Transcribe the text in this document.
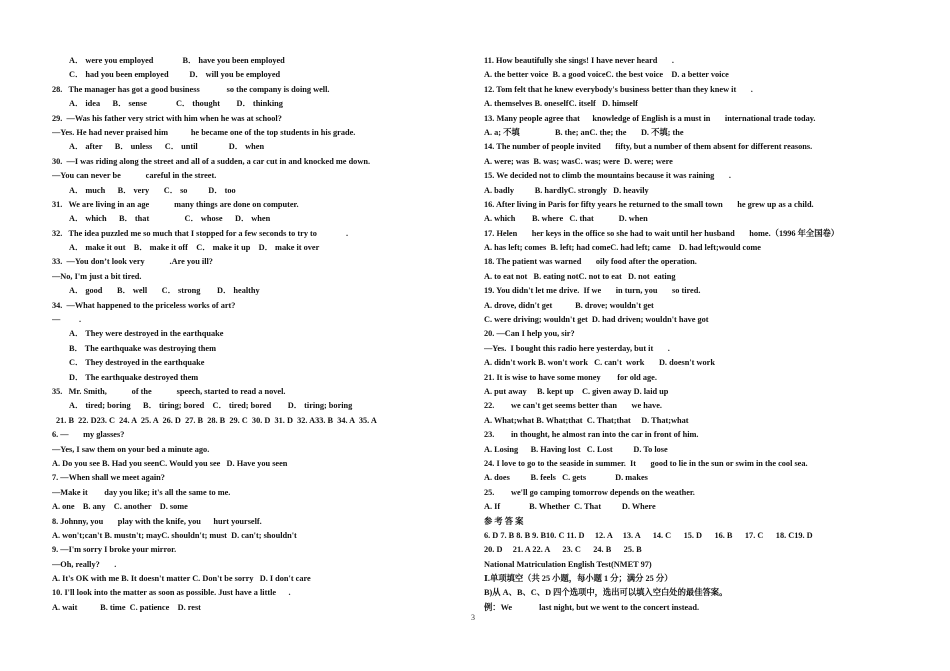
A． were you employed              B． have you been employed
C． had you been employed          D． will you be employed
28.   The manager has got a good business             so the company is doing well.
A． idea      B． sense              C． thought        D． thinking
29.  —Was his father very strict with him when he was at school?
—Yes. He had never praised him           he became one of the top students in his grade.
A． after      B． unless      C． until               D． when
30.  —I was riding along the street and all of a sudden, a car cut in and knocked me down.
—You can never be            careful in the street.
A． much      B． very       C． so          D． too
31.   We are living in an age            many things are done on computer.
A． which      B． that                 C． whose      D． when
32.   The idea puzzled me so much that I stopped for a few seconds to try to              .
A． make it out    B． make it off    C． make it up    D． make it over
33.  —You don’t look very            .Are you ill?
—No, I'm just a bit tired.
A． good       B． well       C． strong        D． healthy
34.  —What happened to the priceless works of art?
—         .
A． They were destroyed in the earthquake
B． The earthquake was destroying them
C． They destroyed in the earthquake
D． The earthquake destroyed them
35.   Mr. Smith,            of the            speech, started to read a novel.
A． tired; boring      B． tiring; bored    C． tired; bored        D． tiring; boring
21. B  22. D23. C  24. A  25. A  26. D  27. B  28. B  29. C  30. D  31. D  32. A33. B  34. A  35. A
6. —       my glasses?
—Yes, I saw them on your bed a minute ago.
A. Do you see B. Had you seenC. Would you see   D. Have you seen
7. —When shall we meet again?
—Make it        day you like; it's all the same to me.
A. one    B. any    C. another    D. some
8. Johnny, you       play with the knife, you      hurt yourself.
A. won't;can't B. mustn't; mayC. shouldn't; must  D. can't; shouldn't
9. —I'm sorry I broke your mirror.
—Oh, really?       .
A. It's OK with me B. It doesn't matter C. Don't be sorry   D. I don't care
10. I'll look into the matter as soon as possible. Just have a little      .
A. wait           B. time  C. patience    D. rest
11. How beautifully she sings! I have never heard       .
A. the better voice  B. a good voiceC. the best voice    D. a better voice
12. Tom felt that he knew everybody's business better than they knew it       .
A. themselves B. oneselfC. itself   D. himself
13. Many people agree that      knowledge of English is a must in       international trade today.
A. a; 不填                 B. the; anC. the; the       D. 不填; the
14. The number of people invited       fifty, but a number of them absent for different reasons.
A. were; was  B. was; wasC. was; were  D. were; were
15. We decided not to climb the mountains because it was raining       .
A. badly          B. hardlyC. strongly   D. heavily
16. After living in Paris for fifty years he returned to the small town       he grew up as a child.
A. which        B. where   C. that            D. when
17. Helen       her keys in the office so she had to wait until her husband       home.（1996 年全国卷）
A. has left; comes  B. left; had comeC. had left; came    D. had left;would come
18. The patient was warned       oily food after the operation.
A. to eat not   B. eating notC. not to eat   D. not  eating
19. You didn't let me drive.  If we       in turn, you       so tired.
A. drove, didn't get           B. drove; wouldn't get
C. were driving; wouldn't get  D. had driven; wouldn't have got
20. —Can I help you, sir?
—Yes.  I bought this radio here yesterday, but it       .
A. didn't work B. won't work   C. can't  work       D. doesn't work
21. It is wise to have some money        for old age.
A. put away     B. kept up    C. given away D. laid up
22.        we can't get seems better than       we have.
A. What;what B. What;that  C. That;that     D. That;what
23.        in thought, he almost ran into the car in front of him.
A. Losing      B. Having lost   C. Lost          D. To lose
24. I love to go to the seaside in summer.  It       good to lie in the sun or swim in the cool sea.
A. does          B. feels   C. gets              D. makes
25.        we'll go camping tomorrow depends on the weather.
A. If              B. Whether  C. That          D. Where
参 考 答 案
6. D 7. B 8. B 9. B10. C 11. D     12. A     13. A      14. C      15. D      16. B      17. C      18. C19. D
20. D     21. A 22. A      23. C      24. B      25. B
National Matriculation English Test(NMET 97)
Ⅰ.单项填空（共 25 小题，每小题 1 分；满分 25 分）
B)从 A、B、C、D 四个选项中，选出可以填入空白处的最佳答案。
例：We             last night, but we went to the concert instead.
3
